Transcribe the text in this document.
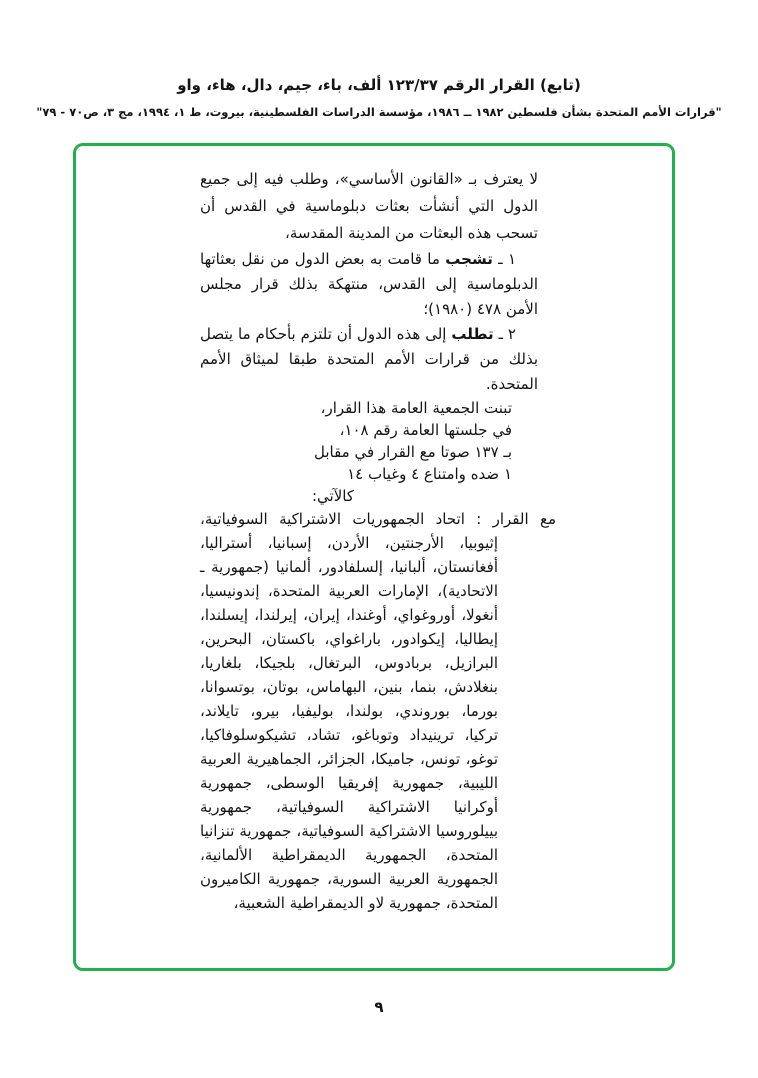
(تابع) القرار الرقم ١٢٣/٣٧ ألف، باء، جيم، دال، هاء، واو
"قرارات الأمم المتحدة بشأن فلسطين ١٩٨٢ ــ ١٩٨٦، مؤسسة الدراسات الفلسطينية، بيروت، ط ١، ١٩٩٤، مج ٣، ص٧٠ - ٧٩"

لا يعترف بـ «القانون الأساسي»، وطلب فيه إلى جميع الدول التي أنشأت بعثات دبلوماسية في القدس أن تسحب هذه البعثات من المدينة المقدسة،

١ ـ تشجب ما قامت به بعض الدول من نقل بعثاتها الدبلوماسية إلى القدس، منتهكة بذلك قرار مجلس الأمن ٤٧٨ (١٩٨٠)؛

٢ ـ تطلب إلى هذه الدول أن تلتزم بأحكام ما يتصل بذلك من قرارات الأمم المتحدة طبقا لميثاق الأمم المتحدة.

تبنت الجمعية العامة هذا القرار،
في جلستها العامة رقم ١٠٨،
بـ ١٣٧ صوتا مع القرار في مقابل
١ ضده وامتناع ٤ وغياب ١٤
كالآتي:
مع القرار : اتحاد الجمهوريات الاشتراكية السوفياتية، إثيوبيا، الأرجنتين، الأردن، إسبانيا، أستراليا، أفغانستان، ألبانيا، إلسلفادور، ألمانيا (جمهورية ـ الاتحادية)، الإمارات العربية المتحدة، إندونيسيا، أنغولا، أوروغواي، أوغندا، إيران، إيرلندا، إيسلندا، إيطاليا، إيكوادور، باراغواي، باكستان، البحرين، البرازيل، بربادوس، البرتغال، بلجيكا، بلغاريا، بنغلادش، بنما، بنين، البهاماس، بوتان، بوتسوانا، بورما، بوروندي، بولندا، بوليفيا، بيرو، تايلاند، تركيا، ترينيداد وتوباغو، تشاد، تشيكوسلوفاكيا، توغو، تونس، جاميكا، الجزائر، الجماهيرية العربية الليبية، جمهورية إفريقيا الوسطى، جمهورية أوكرانيا الاشتراكية السوفياتية، جمهورية بييلوروسيا الاشتراكية السوفياتية، جمهورية تنزانيا المتحدة، الجمهورية الديمقراطية الألمانية، الجمهورية العربية السورية، جمهورية الكاميرون المتحدة، جمهورية لاو الديمقراطية الشعبية،
٩
